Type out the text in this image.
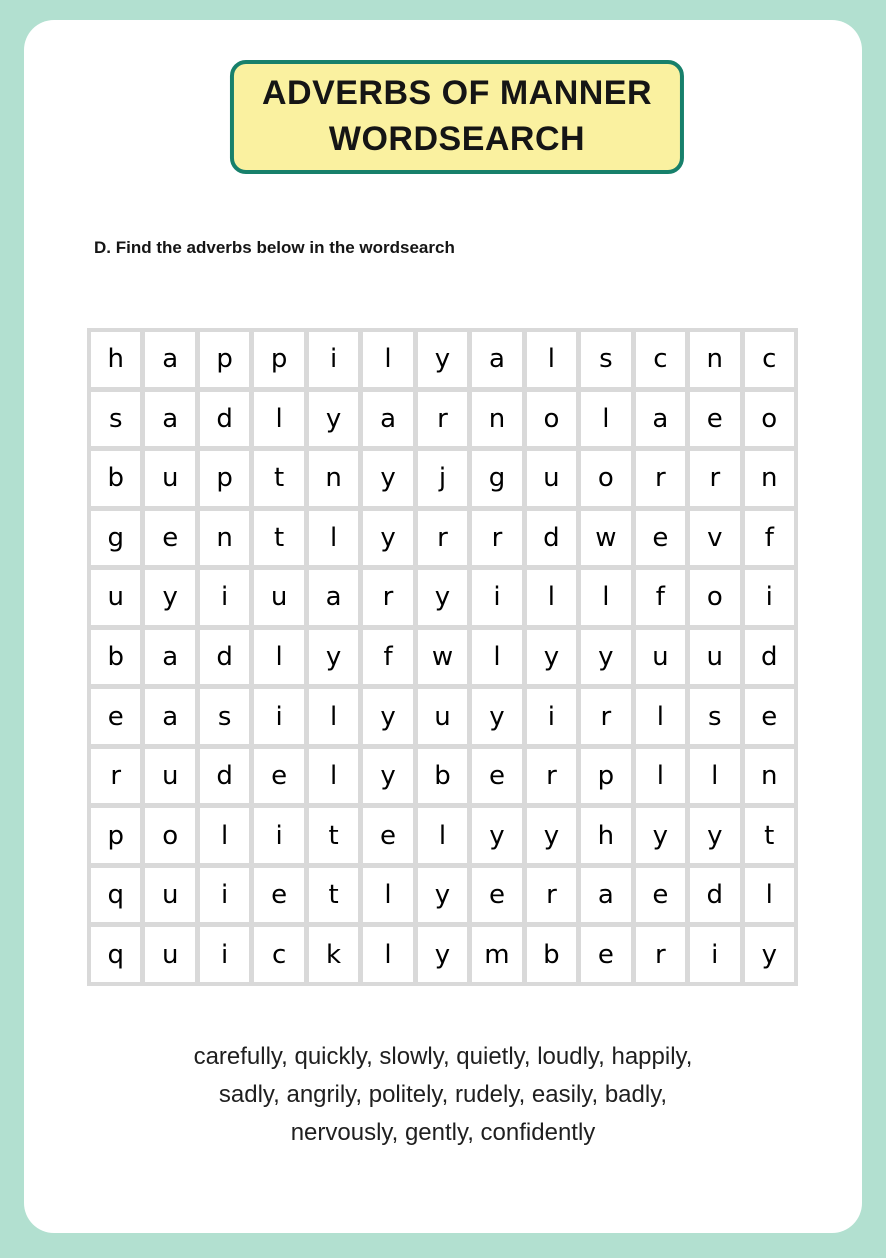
ADVERBS OF MANNER
WORDSEARCH
D. Find the adverbs below in the wordsearch
h	a	p	p	i	l	y	a	l	s	c	n	c
s	a	d	l	y	a	r	n	o	l	a	e	o
b	u	p	t	n	y	j	g	u	o	r	r	n
g	e	n	t	l	y	r	r	d	w	e	v	f
u	y	i	u	a	r	y	i	l	l	f	o	i
b	a	d	l	y	f	w	l	y	y	u	u	d
e	a	s	i	l	y	u	y	i	r	l	s	e
r	u	d	e	l	y	b	e	r	p	l	l	n
p	o	l	i	t	e	l	y	y	h	y	y	t
q	u	i	e	t	l	y	e	r	a	e	d	l
q	u	i	c	k	l	y	m	b	e	r	i	y
carefully, quickly, slowly, quietly, loudly, happily,
sadly, angrily, politely, rudely, easily, badly,
nervously, gently, confidently
